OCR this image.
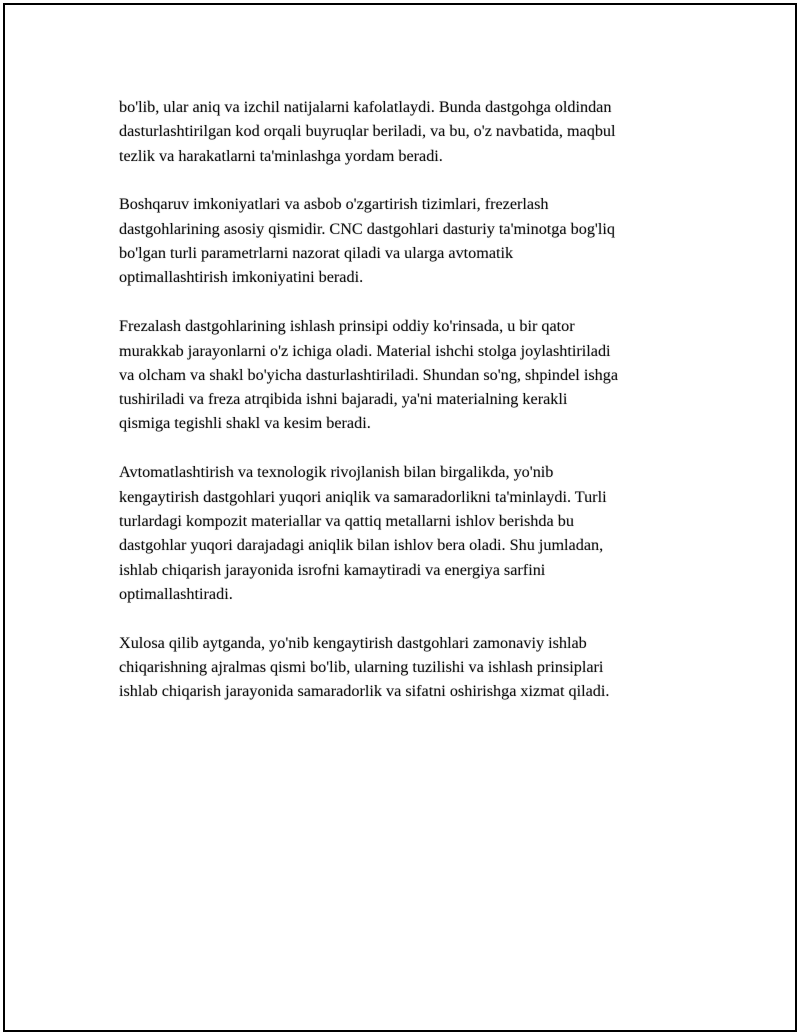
bo'lib, ular aniq va izchil natijalarni kafolatlaydi. Bunda dastgohga oldindan
dasturlashtirilgan kod orqali buyruqlar beriladi, va bu, o'z navbatida, maqbul
tezlik va harakatlarni ta'minlashga yordam beradi.

Boshqaruv imkoniyatlari va asbob o'zgartirish tizimlari, frezerlash
dastgohlarining asosiy qismidir. CNC dastgohlari dasturiy ta'minotga bog'liq
bo'lgan turli parametrlarni nazorat qiladi va ularga avtomatik
optimallashtirish imkoniyatini beradi.

Frezalash dastgohlarining ishlash prinsipi oddiy ko'rinsada, u bir qator
murakkab jarayonlarni o'z ichiga oladi. Material ishchi stolga joylashtiriladi
va olcham va shakl bo'yicha dasturlashtiriladi. Shundan so'ng, shpindel ishga
tushiriladi va freza atrqibida ishni bajaradi, ya'ni materialning kerakli
qismiga tegishli shakl va kesim beradi.

Avtomatlashtirish va texnologik rivojlanish bilan birgalikda, yo'nib
kengaytirish dastgohlari yuqori aniqlik va samaradorlikni ta'minlaydi. Turli
turlardagi kompozit materiallar va qattiq metallarni ishlov berishda bu
dastgohlar yuqori darajadagi aniqlik bilan ishlov bera oladi. Shu jumladan,
ishlab chiqarish jarayonida isrofni kamaytiradi va energiya sarfini
optimallashtiradi.

Xulosa qilib aytganda, yo'nib kengaytirish dastgohlari zamonaviy ishlab
chiqarishning ajralmas qismi bo'lib, ularning tuzilishi va ishlash prinsiplari
ishlab chiqarish jarayonida samaradorlik va sifatni oshirishga xizmat qiladi.
